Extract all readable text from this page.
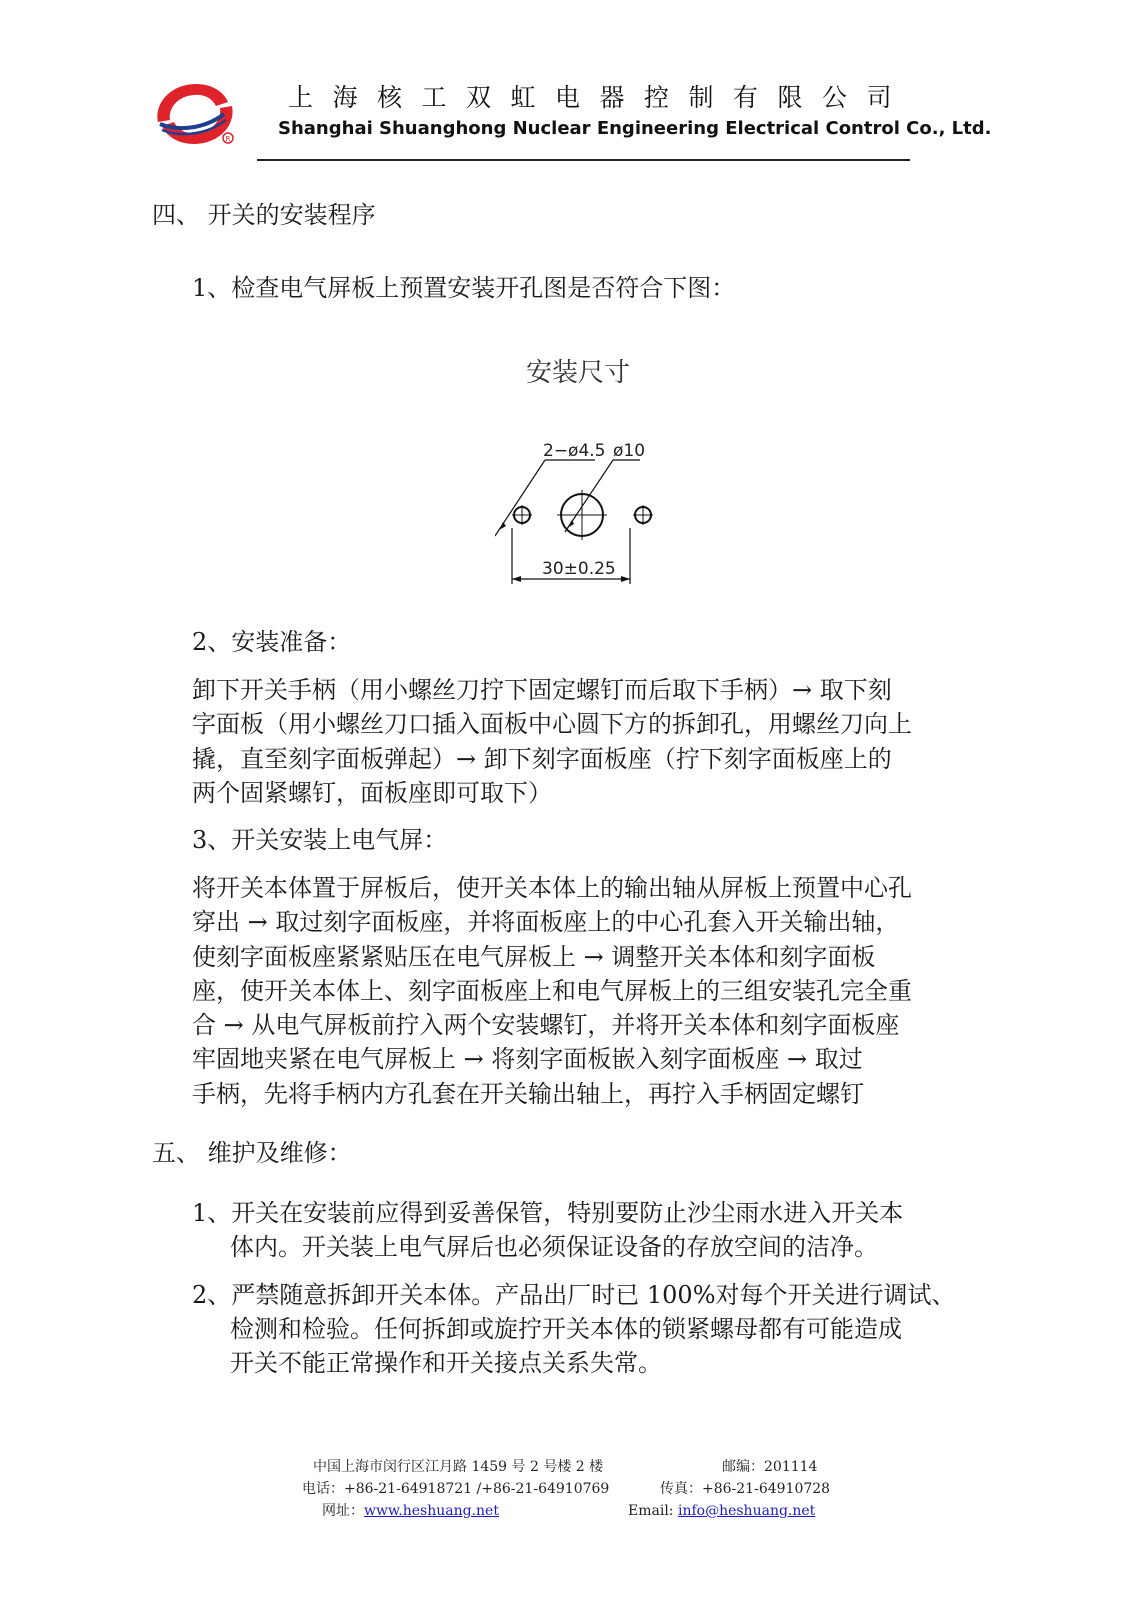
R
上海核工双虹电器控制有限公司
Shanghai Shuanghong Nuclear Engineering Electrical Control Co., Ltd.
四、 开关的安装程序
1、检查电气屏板上预置安装开孔图是否符合下图：
安装尺寸
2−ø4.5 ø10
30±0.25
2、安装准备：
卸下开关手柄（用小螺丝刀拧下固定螺钉而后取下手柄）→ 取下刻
字面板（用小螺丝刀口插入面板中心圆下方的拆卸孔，用螺丝刀向上
撬，直至刻字面板弹起）→ 卸下刻字面板座（拧下刻字面板座上的
两个固紧螺钉，面板座即可取下）
3、开关安装上电气屏：
将开关本体置于屏板后，使开关本体上的输出轴从屏板上预置中心孔
穿出 → 取过刻字面板座，并将面板座上的中心孔套入开关输出轴，
使刻字面板座紧紧贴压在电气屏板上 → 调整开关本体和刻字面板
座，使开关本体上、刻字面板座上和电气屏板上的三组安装孔完全重
合 → 从电气屏板前拧入两个安装螺钉，并将开关本体和刻字面板座
牢固地夹紧在电气屏板上 → 将刻字面板嵌入刻字面板座 → 取过
手柄，先将手柄内方孔套在开关输出轴上，再拧入手柄固定螺钉
五、 维护及维修：
1、开关在安装前应得到妥善保管，特别要防止沙尘雨水进入开关本
体内。开关装上电气屏后也必须保证设备的存放空间的洁净。
2、严禁随意拆卸开关本体。产品出厂时已 100%对每个开关进行调试、
检测和检验。任何拆卸或旋拧开关本体的锁紧螺母都有可能造成
开关不能正常操作和开关接点关系失常。
中国上海市闵行区江月路 1459 号 2 号楼 2 楼	邮编：201114
电话：+86-21-64918721 /+86-21-64910769	传真：+86-21-64910728
网址：www.heshuang.net	Email: info@heshuang.net
